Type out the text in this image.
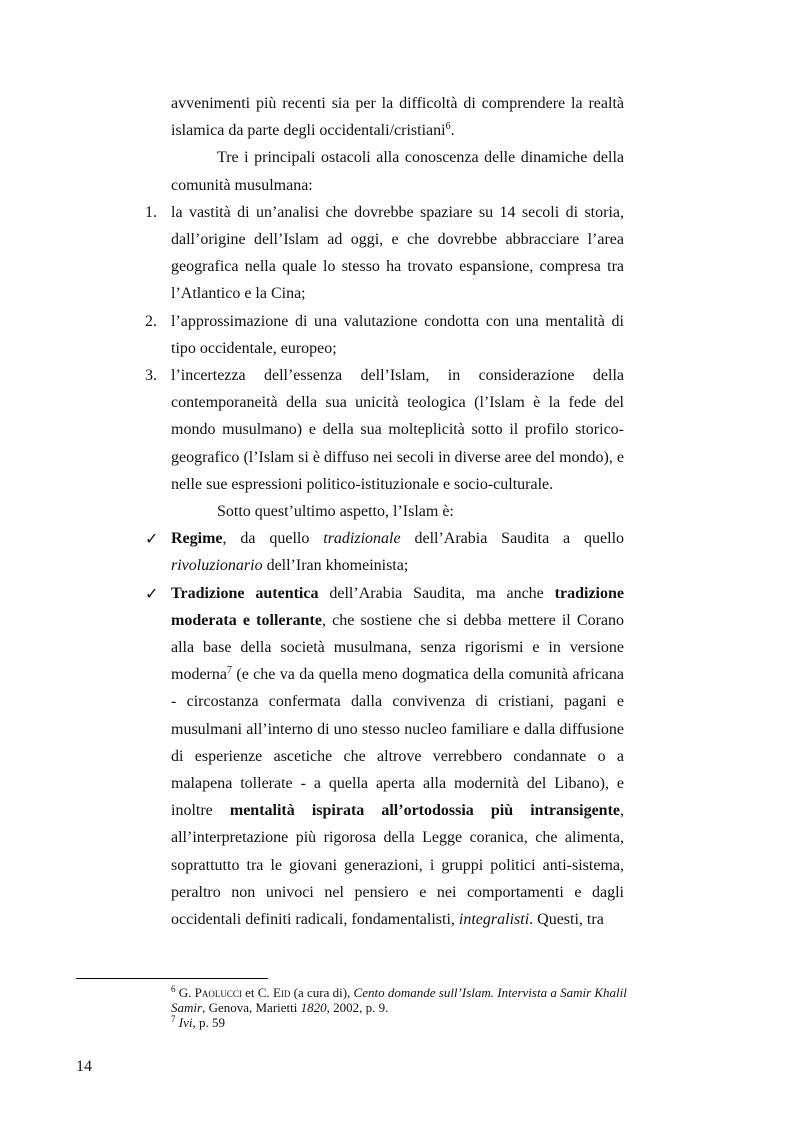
avvenimenti più recenti sia per la difficoltà di comprendere la realtà islamica da parte degli occidentali/cristiani$^6$.

Tre i principali ostacoli alla conoscenza delle dinamiche della comunità musulmana:

1. la vastità di un’analisi che dovrebbe spaziare su 14 secoli di storia, dall’origine dell’Islam ad oggi, e che dovrebbe abbracciare l’area geografica nella quale lo stesso ha trovato espansione, compresa tra l’Atlantico e la Cina;

2. l’approssimazione di una valutazione condotta con una mentalità di tipo occidentale, europeo;

3. l’incertezza dell’essenza dell’Islam, in considerazione della contemporaneità della sua unicità teologica (l’Islam è la fede del mondo musulmano) e della sua molteplicità sotto il profilo storico-geografico (l’Islam si è diffuso nei secoli in diverse aree del mondo), e nelle sue espressioni politico-istituzionale e socio-culturale.

Sotto quest’ultimo aspetto, l’Islam è:

✓ Regime, da quello tradizionale dell’Arabia Saudita a quello rivoluzionario dell’Iran khomeinista;

✓ Tradizione autentica dell’Arabia Saudita, ma anche tradizione moderata e tollerante, che sostiene che si debba mettere il Corano alla base della società musulmana, senza rigorismi e in versione moderna$^7$ (e che va da quella meno dogmatica della comunità africana - circostanza confermata dalla convivenza di cristiani, pagani e musulmani all’interno di uno stesso nucleo familiare e dalla diffusione di esperienze ascetiche che altrove verrebbero condannate o a malapena tollerate - a quella aperta alla modernità del Libano), e inoltre mentalità ispirata all’ortodossia più intransigente, all’interpretazione più rigorosa della Legge coranica, che alimenta, soprattutto tra le giovani generazioni, i gruppi politici anti-sistema, peraltro non univoci nel pensiero e nei comportamenti e dagli occidentali definiti radicali, fondamentalisti, integralisti. Questi, tra

$^6$ G. Paolucci et C. Eid (a cura di), Cento domande sull’Islam. Intervista a Samir Khalil Samir, Genova, Marietti 1820, 2002, p. 9.

$^7$ Ivi, p. 59

14
